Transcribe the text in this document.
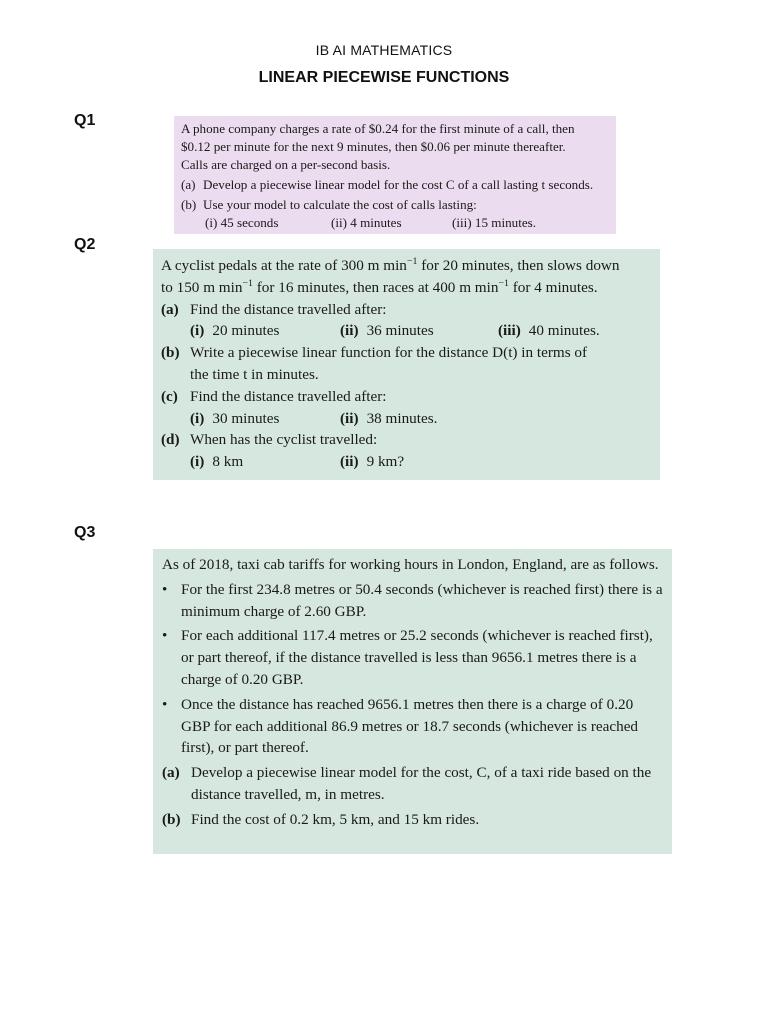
IB AI MATHEMATICS
LINEAR PIECEWISE FUNCTIONS
Q1	A phone company charges a rate of $0.24 for the first minute of a call, then

$0.12 per minute for the next 9 minutes, then $0.06 per minute thereafter.

Calls are charged on a per-second basis.

(a) Develop a piecewise linear model for the cost C of a call lasting t seconds.
(b) Use your model to calculate the cost of calls lasting:
(i) 45 seconds	(ii) 4 minutes	(iii) 15 minutes.
Q2

A cyclist pedals at the rate of 300 m $\min^{-1}$ for 20 minutes, then slows down

to 150 m $\min^{-1}$ for 16 minutes, then races at 400 m $\min^{-1}$ for 4 minutes.

(a) Find the distance travelled after:
(i) 20 minutes	(ii) 36 minutes	(iii) 40 minutes.
(b) Write a piecewise linear function for the distance D(t) in terms of
the time t in minutes.
(c) Find the distance travelled after:
(i) 30 minutes	(ii) 38 minutes.
(d) When has the cyclist travelled:
(i) 8 km	(ii) 9 km?
Q3

As of 2018, taxi cab tariffs for working hours in London, England, are as follows.

• For the first 234.8 metres or 50.4 seconds (whichever is reached first) there is a minimum charge of 2.60 GBP.
• For each additional 117.4 metres or 25.2 seconds (whichever is reached first), or part thereof, if the distance travelled is less than 9656.1 metres there is a charge of 0.20 GBP.
• Once the distance has reached 9656.1 metres then there is a charge of 0.20 GBP for each additional 86.9 metres or 18.7 seconds (whichever is reached first), or part thereof.
(a) Develop a piecewise linear model for the cost, C, of a taxi ride based on the distance travelled, m, in metres.
(b) Find the cost of 0.2 km, 5 km, and 15 km rides.
